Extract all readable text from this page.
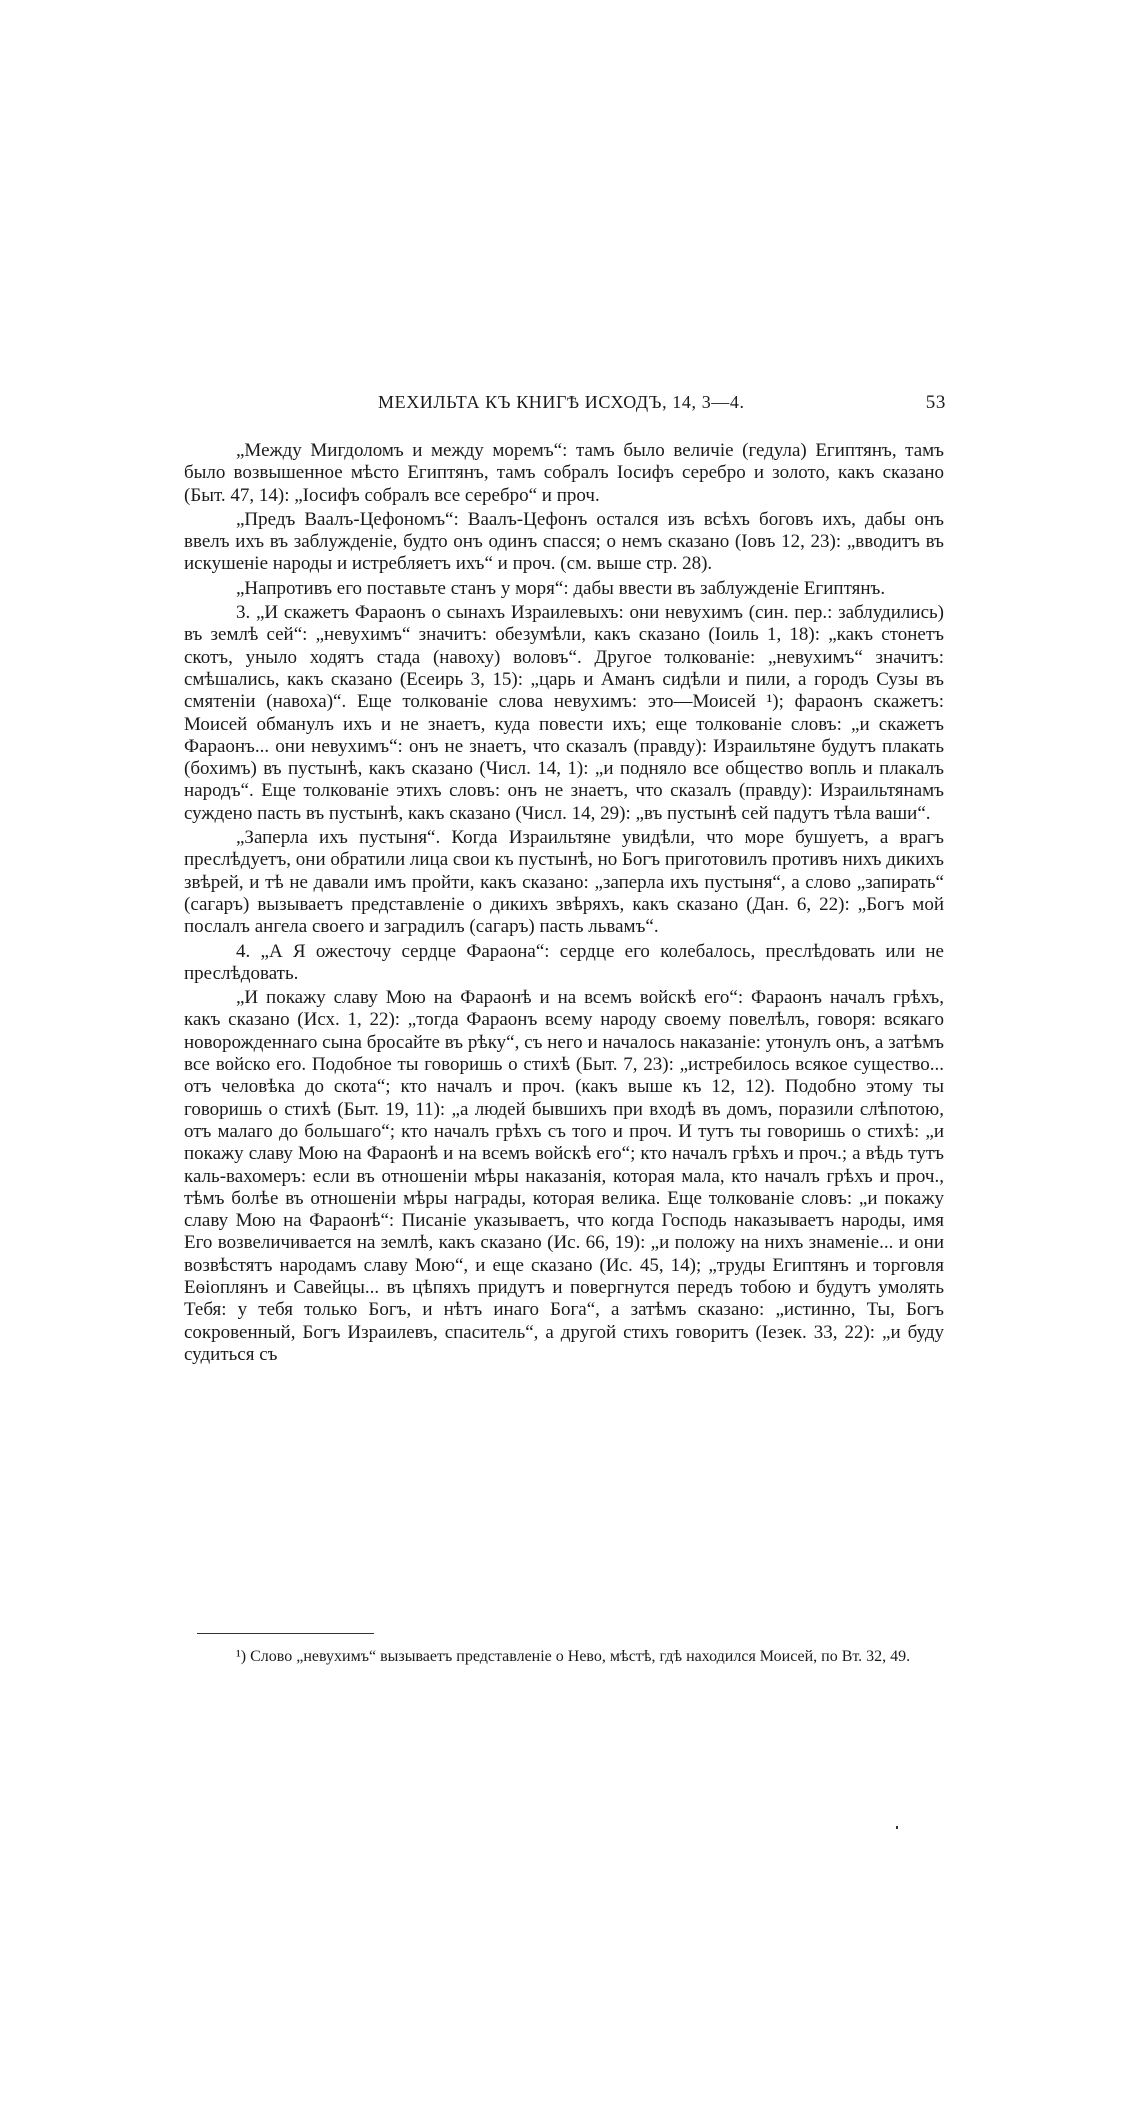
МЕХИЛЬТА КЪ КНИГѢ ИСХОДЪ, 14, 3—4.	53

„Между Мигдоломъ и между моремъ“: тамъ было величіе (гедула) Египтянъ, тамъ было возвышенное мѣсто Египтянъ, тамъ собралъ Іосифъ серебро и золото, какъ сказано (Быт. 47, 14): „Іосифъ собралъ все серебро“ и проч.

„Предъ Ваалъ-Цефономъ“: Ваалъ-Цефонъ остался изъ всѣхъ боговъ ихъ, дабы онъ ввелъ ихъ въ заблужденіе, будто онъ одинъ спасся; о немъ сказано (Іовъ 12, 23): „вводитъ въ искушеніе народы и истребляетъ ихъ“ и проч. (см. выше стр. 28).

„Напротивъ его поставьте станъ у моря“: дабы ввести въ заблужденіе Египтянъ.

3. „И скажетъ Фараонъ о сынахъ Израилевыхъ: они невухимъ (син. пер.: заблудились) въ землѣ сей“: „невухимъ“ значитъ: обезумѣли, какъ сказано (Іоиль 1, 18): „какъ стонетъ скотъ, уныло ходятъ стада (навоху) воловъ“. Другое толкованіе: „невухимъ“ значитъ: смѣшались, какъ сказано (Есеирь 3, 15): „царь и Аманъ сидѣли и пили, а городъ Сузы въ смятеніи (навоха)“. Еще толкованіе слова невухимъ: это—Моисей ¹); фараонъ скажетъ: Моисей обманулъ ихъ и не знаетъ, куда повести ихъ; еще толкованіе словъ: „и скажетъ Фараонъ... они невухимъ“: онъ не знаетъ, что сказалъ (правду): Израильтяне будутъ плакать (бохимъ) въ пустынѣ, какъ сказано (Числ. 14, 1): „и подняло все общество вопль и плакалъ народъ“. Еще толкованіе этихъ словъ: онъ не знаетъ, что сказалъ (правду): Израильтянамъ суждено пасть въ пустынѣ, какъ сказано (Числ. 14, 29): „въ пустынѣ сей падутъ тѣла ваши“.

„Заперла ихъ пустыня“. Когда Израильтяне увидѣли, что море бушуетъ, а врагъ преслѣдуетъ, они обратили лица свои къ пустынѣ, но Богъ приготовилъ противъ нихъ дикихъ звѣрей, и тѣ не давали имъ пройти, какъ сказано: „заперла ихъ пустыня“, а слово „запирать“ (сагаръ) вызываетъ представленіе о дикихъ звѣряхъ, какъ сказано (Дан. 6, 22): „Богъ мой послалъ ангела своего и заградилъ (сагаръ) пасть львамъ“.

4. „А Я ожесточу сердце Фараона“: сердце его колебалось, преслѣдовать или не преслѣдовать.

„И покажу славу Мою на Фараонѣ и на всемъ войскѣ его“: Фараонъ началъ грѣхъ, какъ сказано (Исх. 1, 22): „тогда Фараонъ всему народу своему повелѣлъ, говоря: всякаго новорожденнаго сына бросайте въ рѣку“, съ него и началось наказаніе: утонулъ онъ, а затѣмъ все войско его. Подобное ты говоришь о стихѣ (Быт. 7, 23): „истребилось всякое существо... отъ человѣка до скота“; кто началъ и проч. (какъ выше къ 12, 12). Подобно этому ты говоришь о стихѣ (Быт. 19, 11): „а людей бывшихъ при входѣ въ домъ, поразили слѣпотою, отъ малаго до большаго“; кто началъ грѣхъ съ того и проч. И тутъ ты говоришь о стихѣ: „и покажу славу Мою на Фараонѣ и на всемъ войскѣ его“; кто началъ грѣхъ и проч.; а вѣдь тутъ каль-вахомеръ: если въ отношеніи мѣры наказанія, которая мала, кто началъ грѣхъ и проч., тѣмъ болѣе въ отношеніи мѣры награды, которая велика. Еще толкованіе словъ: „и покажу славу Мою на Фараонѣ“: Писаніе указываетъ, что когда Господь наказываетъ народы, имя Его возвеличивается на землѣ, какъ сказано (Ис. 66, 19): „и положу на нихъ знаменіе... и они возвѣстятъ народамъ славу Мою“, и еще сказано (Ис. 45, 14); „труды Египтянъ и торговля Еѳіоплянъ и Савейцы... въ цѣпяхъ придутъ и повергнутся передъ тобою и будутъ умолять Тебя: у тебя только Богъ, и нѣтъ инаго Бога“, а затѣмъ сказано: „истинно, Ты, Богъ сокровенный, Богъ Израилевъ, спаситель“, а другой стихъ говоритъ (Іезек. 33, 22): „и буду судиться съ

¹) Слово „невухимъ“ вызываетъ представленіе о Нево, мѣстѣ, гдѣ находился Моисей, по Вт. 32, 49.
